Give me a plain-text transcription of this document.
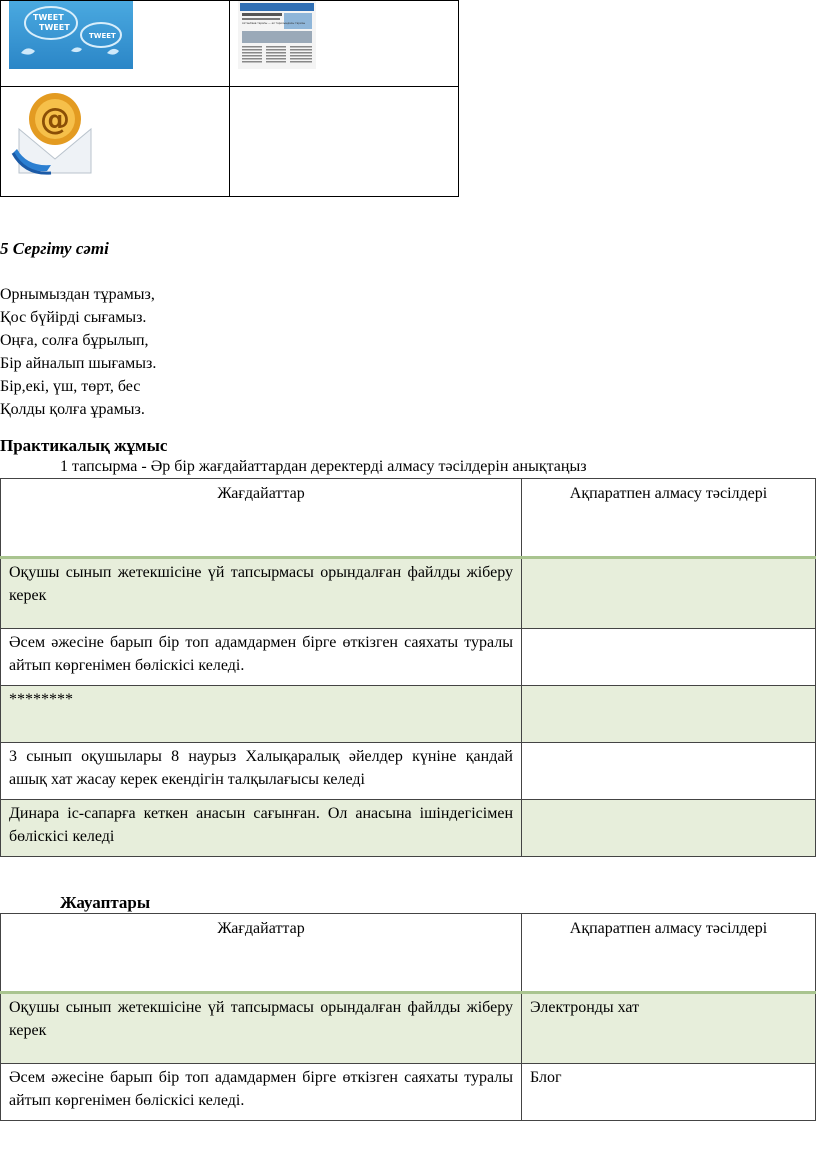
TWEET
TWEET
TWEET	Ахтанбаев тарапы — ел тарихындағы тарихы

@	

5 Сергіту сәті

Орнымыздан тұрамыз,
Қос бүйірді сығамыз.
Оңға, солға бұрылып,
Бір айналып шығамыз.
Бір,екі, үш, төрт, бес
Қолды қолға ұрамыз.
Практикалық жұмыс
1 тапсырма - Әр бір жағдайаттардан деректерді алмасу тәсілдерін анықтаңыз
Жағдайаттар	Ақпаратпен алмасу тәсілдері
Оқушы сынып жетекшісіне үй тапсырмасы орындалған файлды жіберу керек	
Әсем әжесіне барып бір топ адамдармен бірге өткізген саяхаты туралы айтып көргенімен бөліскісі келеді.	
********	
3 сынып оқушылары 8 наурыз Халықаралық әйелдер күніне қандай ашық хат жасау керек екендігін талқылағысы келеді	
Динара іс-сапарға кеткен анасын сағынған. Ол анасына ішіндегісімен бөліскісі келеді	
Жауаптары
Жағдайаттар	Ақпаратпен алмасу тәсілдері
Оқушы сынып жетекшісіне үй тапсырмасы орындалған файлды жіберу керек	Электронды хат
Әсем әжесіне барып бір топ адамдармен бірге өткізген саяхаты туралы айтып көргенімен бөліскісі келеді.	Блог
